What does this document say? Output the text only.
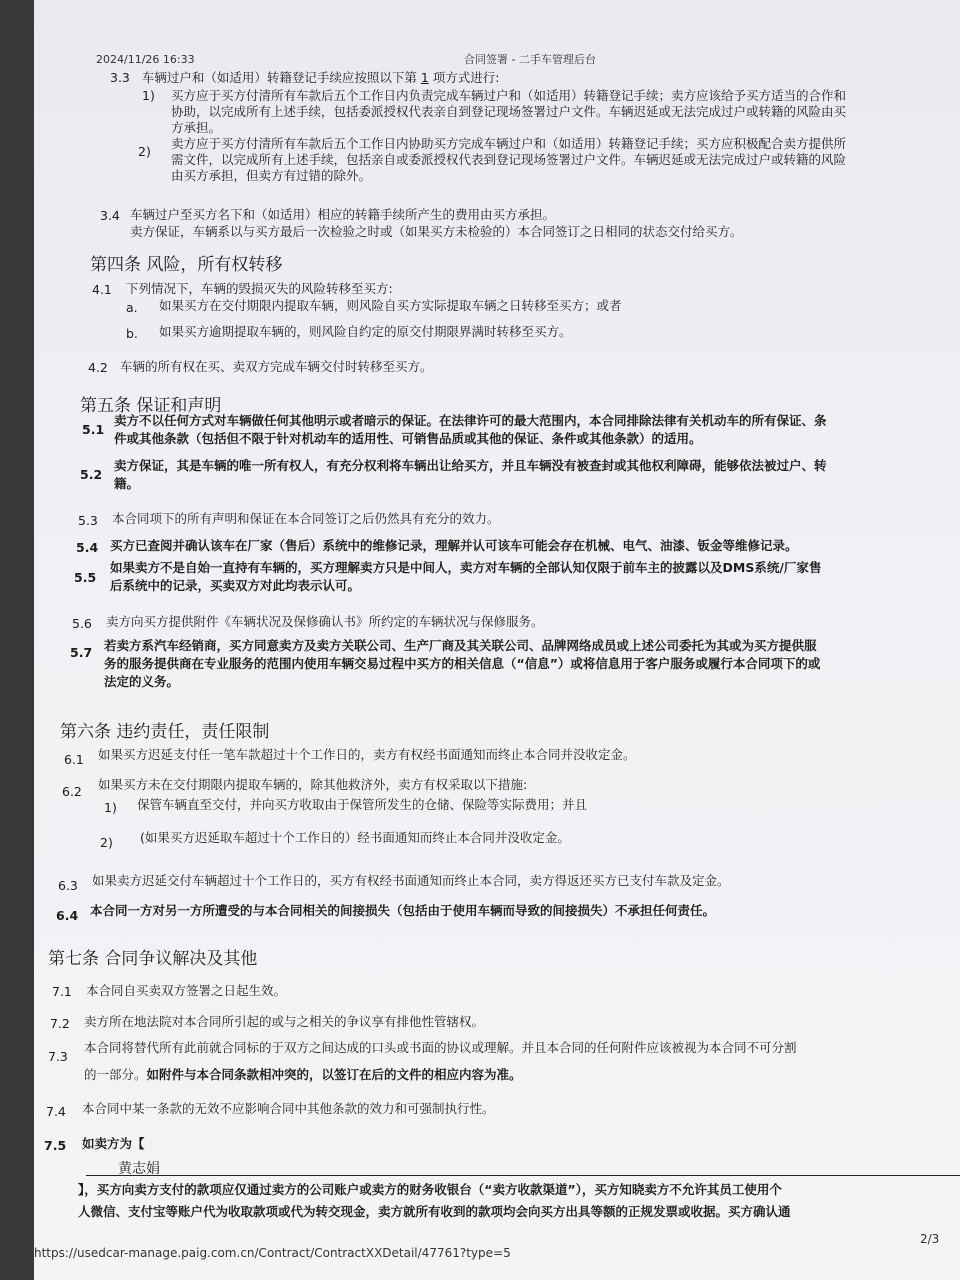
2024/11/26 16:33	合同签署 - 二手车管理后台
3.3 车辆过户和（如适用）转籍登记手续应按照以下第 1 项方式进行:
1) 买方应于买方付清所有车款后五个工作日内负责完成车辆过户和（如适用）转籍登记手续；卖方应该给予买方适当的合作和
协助，以完成所有上述手续，包括委派授权代表亲自到登记现场签署过户文件。车辆迟延或无法完成过户或转籍的风险由买
方承担。
2)
卖方应于买方付清所有车款后五个工作日内协助买方完成车辆过户和（如适用）转籍登记手续；买方应积极配合卖方提供所
需文件，以完成所有上述手续，包括亲自或委派授权代表到登记现场签署过户文件。车辆迟延或无法完成过户或转籍的风险
由买方承担，但卖方有过错的除外。
3.4 车辆过户至买方名下和（如适用）相应的转籍手续所产生的费用由买方承担。
卖方保证，车辆系以与买方最后一次检验之时或（如果买方未检验的）本合同签订之日相同的状态交付给买方。
第四条 风险，所有权转移
4.1 下列情况下，车辆的毁损灭失的风险转移至买方:
a. 如果买方在交付期限内提取车辆，则风险自买方实际提取车辆之日转移至买方；或者
b. 如果买方逾期提取车辆的，则风险自约定的原交付期限界满时转移至买方。
4.2 车辆的所有权在买、卖双方完成车辆交付时转移至买方。
第五条 保证和声明
5.1
卖方不以任何方式对车辆做任何其他明示或者暗示的保证。在法律许可的最大范围内，本合同排除法律有关机动车的所有保证、条
件或其他条款（包括但不限于针对机动车的适用性、可销售品质或其他的保证、条件或其他条款）的适用。
5.2
卖方保证，其是车辆的唯一所有权人，有充分权利将车辆出让给买方，并且车辆没有被查封或其他权利障碍，能够依法被过户、转
籍。
5.3 本合同项下的所有声明和保证在本合同签订之后仍然具有充分的效力。
5.4 买方已查阅并确认该车在厂家（售后）系统中的维修记录，理解并认可该车可能会存在机械、电气、油漆、钣金等维修记录。
5.5
如果卖方不是自始一直持有车辆的，买方理解卖方只是中间人，卖方对车辆的全部认知仅限于前车主的披露以及DMS系统/厂家售
后系统中的记录，买卖双方对此均表示认可。
5.6 卖方向买方提供附件《车辆状况及保修确认书》所约定的车辆状况与保修服务。
5.7 若卖方系汽车经销商，买方同意卖方及卖方关联公司、生产厂商及其关联公司、品牌网络成员或上述公司委托为其或为买方提供服
务的服务提供商在专业服务的范围内使用车辆交易过程中买方的相关信息（“信息”）或将信息用于客户服务或履行本合同项下的或
法定的义务。
第六条 违约责任，责任限制
6.1 如果买方迟延支付任一笔车款超过十个工作日的，卖方有权经书面通知而终止本合同并没收定金。
6.2 如果买方未在交付期限内提取车辆的，除其他救济外，卖方有权采取以下措施:
1) 保管车辆直至交付，并向买方收取由于保管所发生的仓储、保险等实际费用；并且
2) (如果买方迟延取车超过十个工作日的）经书面通知而终止本合同并没收定金。
6.3 如果卖方迟延交付车辆超过十个工作日的，买方有权经书面通知而终止本合同，卖方得返还买方已支付车款及定金。
6.4 本合同一方对另一方所遭受的与本合同相关的间接损失（包括由于使用车辆而导致的间接损失）不承担任何责任。
第七条 合同争议解决及其他
7.1 本合同自买卖双方签署之日起生效。
7.2 卖方所在地法院对本合同所引起的或与之相关的争议享有排他性管辖权。
7.3
本合同将替代所有此前就合同标的于双方之间达成的口头或书面的协议或理解。并且本合同的任何附件应该被视为本合同不可分割
的一部分。如附件与本合同条款相冲突的，以签订在后的文件的相应内容为准。
7.4 本合同中某一条款的无效不应影响合同中其他条款的效力和可强制执行性。
7.5 如卖方为【
黄志娟
】，买方向卖方支付的款项应仅通过卖方的公司账户或卖方的财务收银台（“卖方收款渠道”），买方知晓卖方不允许其员工使用个
人微信、支付宝等账户代为收取款项或代为转交现金，卖方就所有收到的款项均会向买方出具等额的正规发票或收据。买方确认通
https://usedcar-manage.paig.com.cn/Contract/ContractXXDetail/47761?type=5
2/3
